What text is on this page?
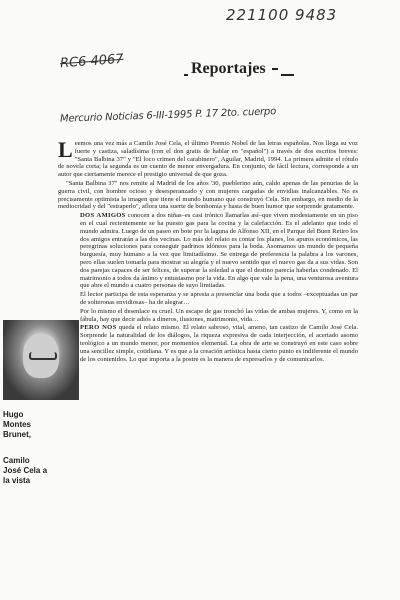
221100 9483
RC6 4067
Mercurio Noticias 6-III-1995 P. 17 2to. cuerpo
Reportajes
Hugo Montes Brunet,
Camilo José Cela a la vista

Leemos una vez más a Camilo José Cela, el último Premio Nobel de las letras españolas. Nos llega su voz fuerte y castiza, saladísima (con el don gratis de hablar en "español") a través de dos escritos breves: "Santa Balbina 37" y "El loco crimen del carabinero", Aguilar, Madrid, 1994. La primera admite el rótulo de novela corta; la segunda es un cuento de menor envergadura. En conjunto, de fácil lectura, corresponde a un autor que ciertamente merece el prestigio universal de que goza.

"Santa Balbina 37" nos remite al Madrid de los años '30, pueblerino aún, caldo apenas de las penurias de la guerra civil, con hombre ocioso y desesperanzado y con mujeres cargadas de envidias inalcanzables. No es precisamente optimista la imagen que tiene el mundo humano que construyó Cela. Sin embargo, en medio de la mediocridad y del "estraperlo", aflora una suerte de bonhomía y hasta de buen humor que sorprende gratamente.

DOS AMIGOS conocen a dos niñas–es casi irónico llamarlas así–que viven modestamente en un piso en el cual recientemente se ha puesto gas para la cocina y la calefacción. Es el adelanto que todo el mundo admira. Luego de un paseo en bote por la laguna de Alfonso XII, en el Parque del Buen Retiro los dos amigos entrarán a las dos vecinas. Lo más del relato es contar los planes, los apuros económicos, las peregrinas soluciones para conseguir padrinos idóneos para la boda. Asomamos un mundo de pequeña burguesía, muy humano a la vez que limitadísimo. Se entrega de preferencia la palabra a los varones, pero ellas suelen tomarla para mostrar su alegría y el nuevo sentido que el nuevo gas da a sus vidas. Son dos parejas capaces de ser felices, de superar la soledad a que el destino parecía haberlas condenado. El matrimonio a todos da ánimo y entusiasmo por la vida. En algo que vale la pena, una venturosa aventura que abre el mundo a cuatro personas de suyo limitadas.

El lector participa de esta esperanza y se apresta a presenciar una boda que a todos –exceptuadas un par de solteronas envidiosas– ha de alegrar…

Por lo mismo el desenlace es cruel. Un escape de gas tronchó las vidas de ambas mujeres. Y, como en la fábula, hay que decir adiós a dineros, ilusiones, matrimonio, vida…

PERO NOS queda el relato mismo. El relato sabroso, vital, ameno, tan castizo de Camilo José Cela. Sorprende la naturalidad de los diálogos, la riqueza expresiva de cada interjección, el acertado asomo teológico a un mundo menor, por momentos elemental. La obra de arte se construyó en este caso sobre una sencillez simple, cotidiana. Y es que a la creación artística hasta cierto punto es indiferente el mundo de los contenidos. Lo que importa a la postre es la manera de expresarlos y de comunicarlos.
